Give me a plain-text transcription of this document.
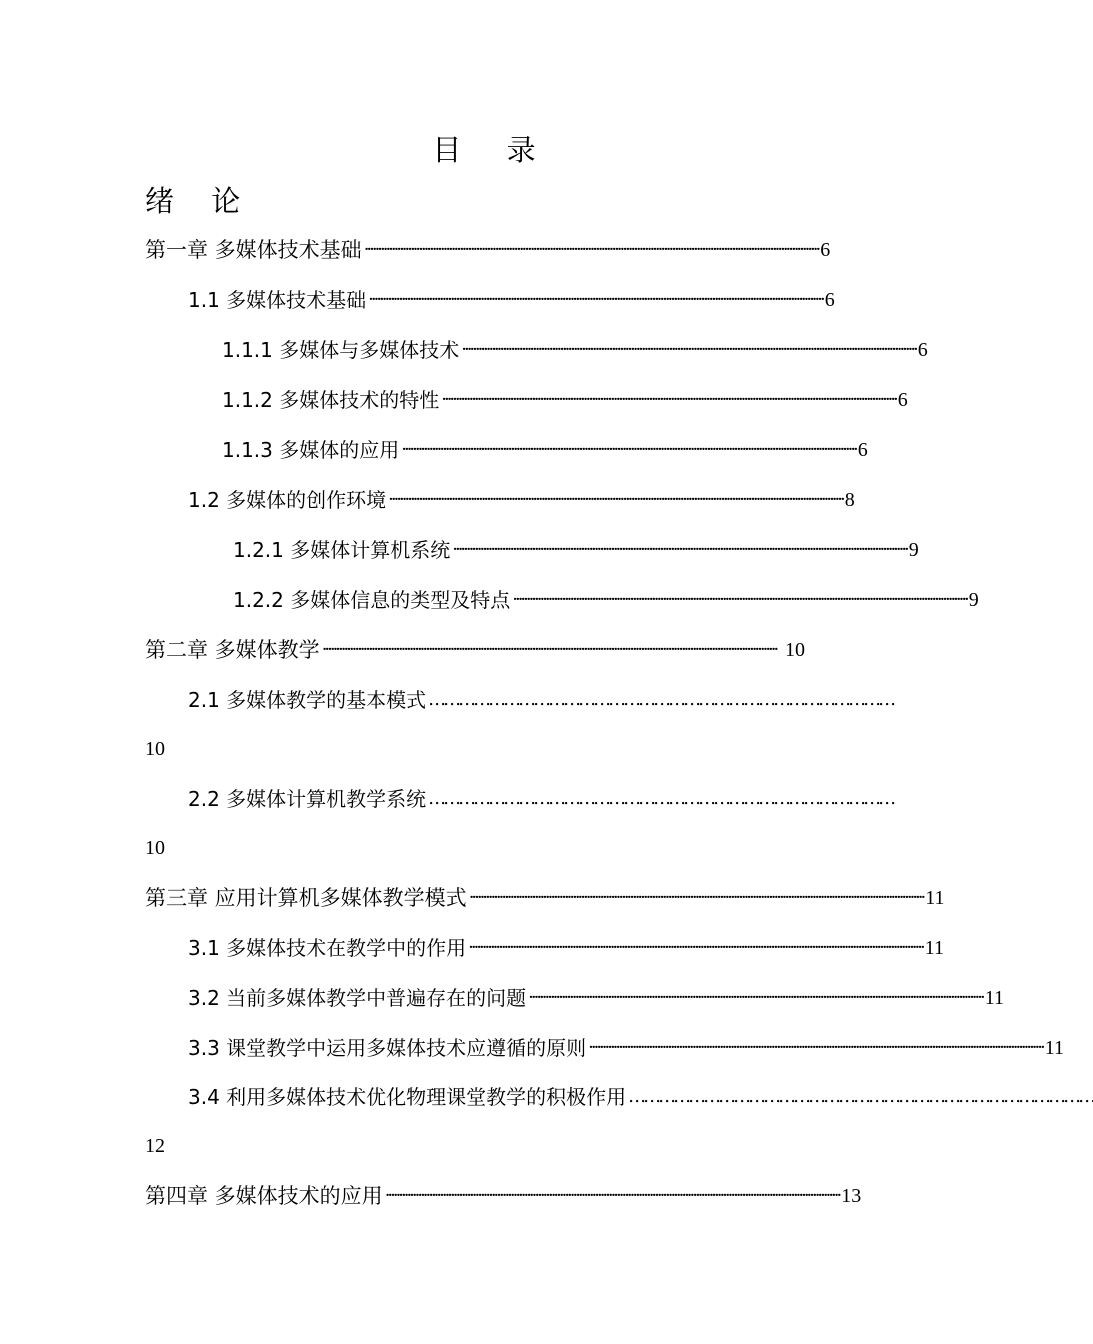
目 录
绪 论
第一章 多媒体技术基础 ······································································································································································· 6
1.1 多媒体技术基础 ······································································································································································· 6
1.1.1 多媒体与多媒体技术 ······································································································································································· 6
1.1.2 多媒体技术的特性 ······································································································································································· 6
1.1.3 多媒体的应用 ······································································································································································· 6
1.2 多媒体的创作环境 ······································································································································································· 8
1.2.1 多媒体计算机系统 ······································································································································································· 9
1.2.2 多媒体信息的类型及特点 ······································································································································································· 9
第二章 多媒体教学 ······································································································································································· 10
2.1 多媒体教学的基本模式 …………………………………………………………………………………
10
2.2 多媒体计算机教学系统 …………………………………………………………………………………
10
第三章 应用计算机多媒体教学模式 ······································································································································································· 11
3.1 多媒体技术在教学中的作用 ······································································································································································· 11
3.2 当前多媒体教学中普遍存在的问题 ······································································································································································· 11
3.3 课堂教学中运用多媒体技术应遵循的原则 ······································································································································································· 11
3.4 利用多媒体技术优化物理课堂教学的积极作用 …………………………………………………………………………………
12
第四章 多媒体技术的应用 ······································································································································································· 13
